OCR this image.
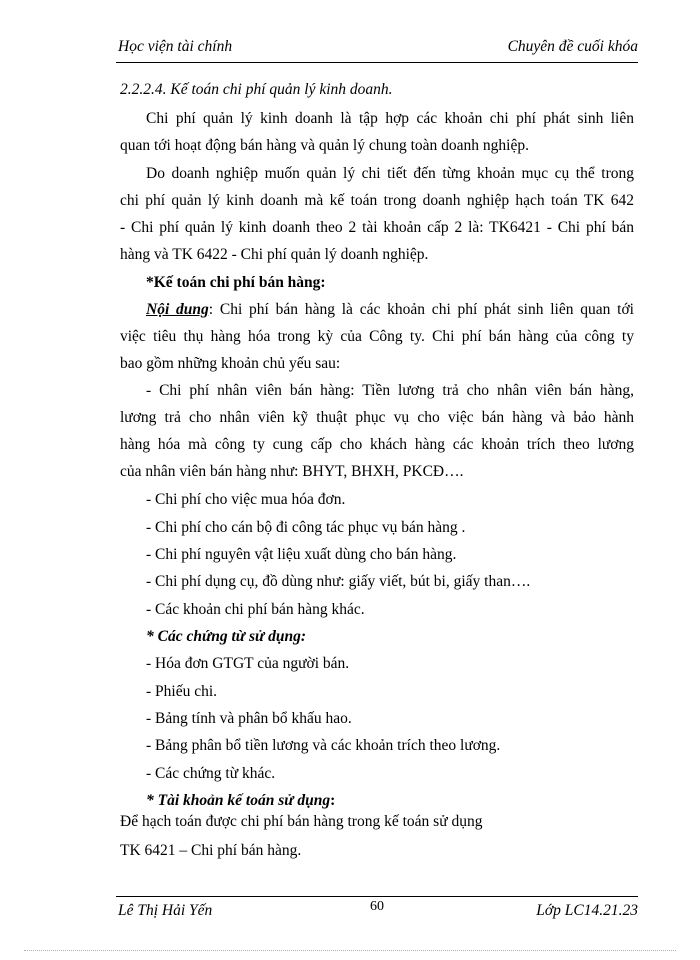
Học viện tài chính	Chuyên đề cuối khóa
2.2.2.4. Kế toán chi phí quản lý kinh doanh.
Chi phí quản lý kinh doanh là tập hợp các khoản chi phí phát sinh liên
quan tới hoạt động bán hàng và quản lý chung toàn doanh nghiệp.
Do doanh nghiệp muốn quản lý chi tiết đến từng khoản mục cụ thể trong
chi phí quản lý kinh doanh mà kế toán trong doanh nghiệp hạch toán TK 642
- Chi phí quản lý kinh doanh theo 2 tài khoản cấp 2 là: TK6421 - Chi phí bán
hàng và TK 6422 - Chi phí quản lý doanh nghiệp.
*Kế toán chi phí bán hàng:
Nội dung: Chi phí bán hàng là các khoản chi phí phát sinh liên quan tới
việc tiêu thụ hàng hóa trong kỳ của Công ty. Chi phí bán hàng của công ty
bao gồm những khoản chủ yếu sau:
- Chi phí nhân viên bán hàng: Tiền lương trả cho nhân viên bán hàng,
lương trả cho nhân viên kỹ thuật phục vụ cho việc bán hàng và bảo hành
hàng hóa mà công ty cung cấp cho khách hàng các khoản trích theo lương
của nhân viên bán hàng như: BHYT, BHXH, PKCĐ….
- Chi phí cho việc mua hóa đơn.
- Chi phí cho cán bộ đi công tác phục vụ bán hàng .
- Chi phí nguyên vật liệu xuất dùng cho bán hàng.
- Chi phí dụng cụ, đồ dùng như: giấy viết, bút bi, giấy than….
- Các khoản chi phí bán hàng khác.
* Các chứng từ sử dụng:
- Hóa đơn GTGT của người bán.
- Phiếu chi.
- Bảng tính và phân bổ khấu hao.
- Bảng phân bổ tiền lương và các khoản trích theo lương.
- Các chứng từ khác.
* Tài khoản kế toán sử dụng:
Để hạch toán được chi phí bán hàng trong kế toán sử dụng
TK 6421 – Chi phí bán hàng.
Lê Thị Hải Yến	60	Lớp LC14.21.23
